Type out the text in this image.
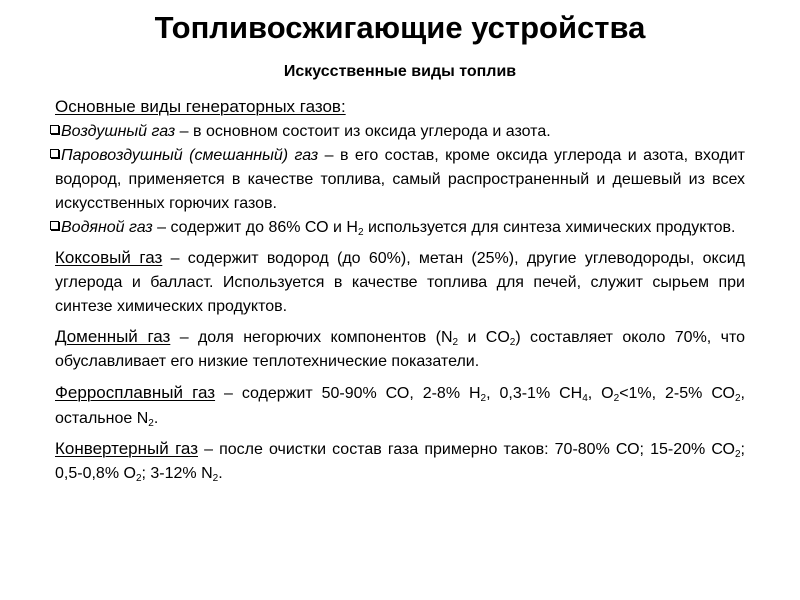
Топливосжигающие устройства
Искусственные виды топлив

Основные виды генераторных газов:

Воздушный газ – в основном состоит из оксида углерода и азота.

Паровоздушный (смешанный) газ – в его состав, кроме оксида углерода и азота, входит водород, применяется в качестве топлива, самый распространенный и дешевый из всех искусственных горючих газов.

Водяной газ – содержит до 86% СО и $Н_2$ используется для синтеза химических продуктов.

Коксовый газ – содержит водород (до 60%), метан (25%), другие углеводороды, оксид углерода и балласт. Используется в качестве топлива для печей, служит сырьем при синтезе химических продуктов.

Доменный газ – доля негорючих компонентов ($N_2$ и $CO_2$) составляет около 70%, что обуславливает его низкие теплотехнические показатели.

Ферросплавный газ – содержит 50-90% СО, 2-8% $Н_2$, 0,3-1% $СН_4$, $О_2<1\%$, 2-5% $СО_2$, остальное $N_2$.

Конвертерный газ – после очистки состав газа примерно таков: 70-80% СО; 15-20% $СО_2$; 0,5-0,8% $О_2$; 3-12% $N_2$.
